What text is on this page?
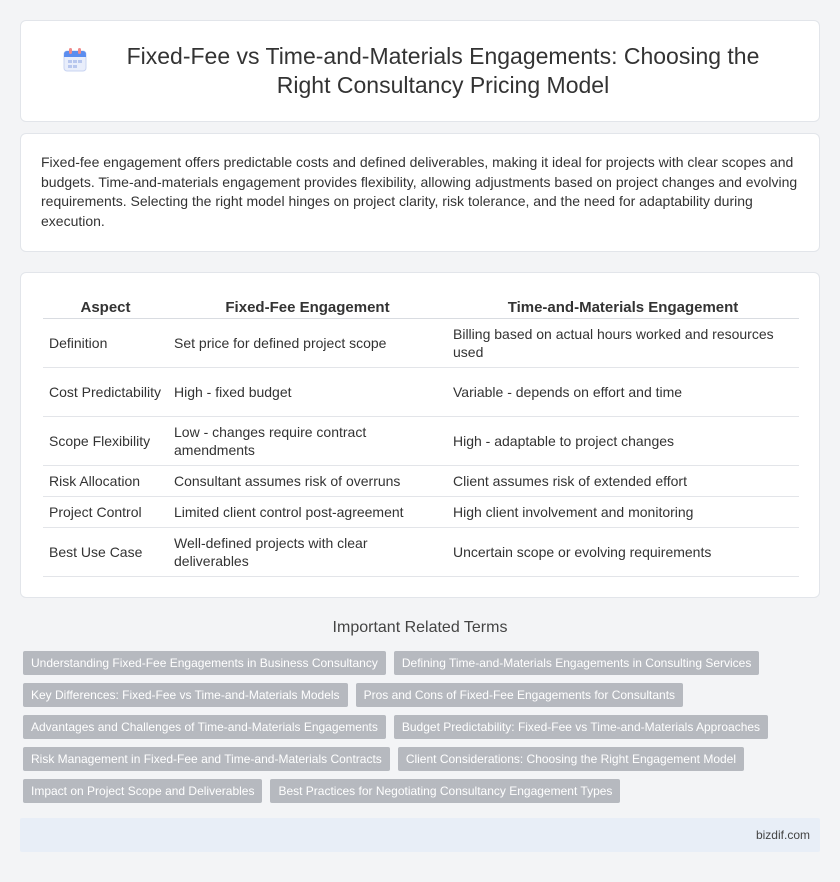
Fixed-Fee vs Time-and-Materials Engagements: Choosing the Right Consultancy Pricing Model

Fixed-fee engagement offers predictable costs and defined deliverables, making it ideal for projects with clear scopes and budgets. Time-and-materials engagement provides flexibility, allowing adjustments based on project changes and evolving requirements. Selecting the right model hinges on project clarity, risk tolerance, and the need for adaptability during execution.

Aspect	Fixed-Fee Engagement	Time-and-Materials Engagement
Definition	Set price for defined project scope	Billing based on actual hours worked and resources used
Cost Predictability	High - fixed budget	Variable - depends on effort and time
Scope Flexibility	Low - changes require contract amendments	High - adaptable to project changes
Risk Allocation	Consultant assumes risk of overruns	Client assumes risk of extended effort
Project Control	Limited client control post-agreement	High client involvement and monitoring
Best Use Case	Well-defined projects with clear deliverables	Uncertain scope or evolving requirements
Important Related Terms
Understanding Fixed-Fee Engagements in Business Consultancy	Defining Time-and-Materials Engagements in Consulting Services
Key Differences: Fixed-Fee vs Time-and-Materials Models	Pros and Cons of Fixed-Fee Engagements for Consultants
Advantages and Challenges of Time-and-Materials Engagements	Budget Predictability: Fixed-Fee vs Time-and-Materials Approaches
Risk Management in Fixed-Fee and Time-and-Materials Contracts	Client Considerations: Choosing the Right Engagement Model
Impact on Project Scope and Deliverables	Best Practices for Negotiating Consultancy Engagement Types
bizdif.com
